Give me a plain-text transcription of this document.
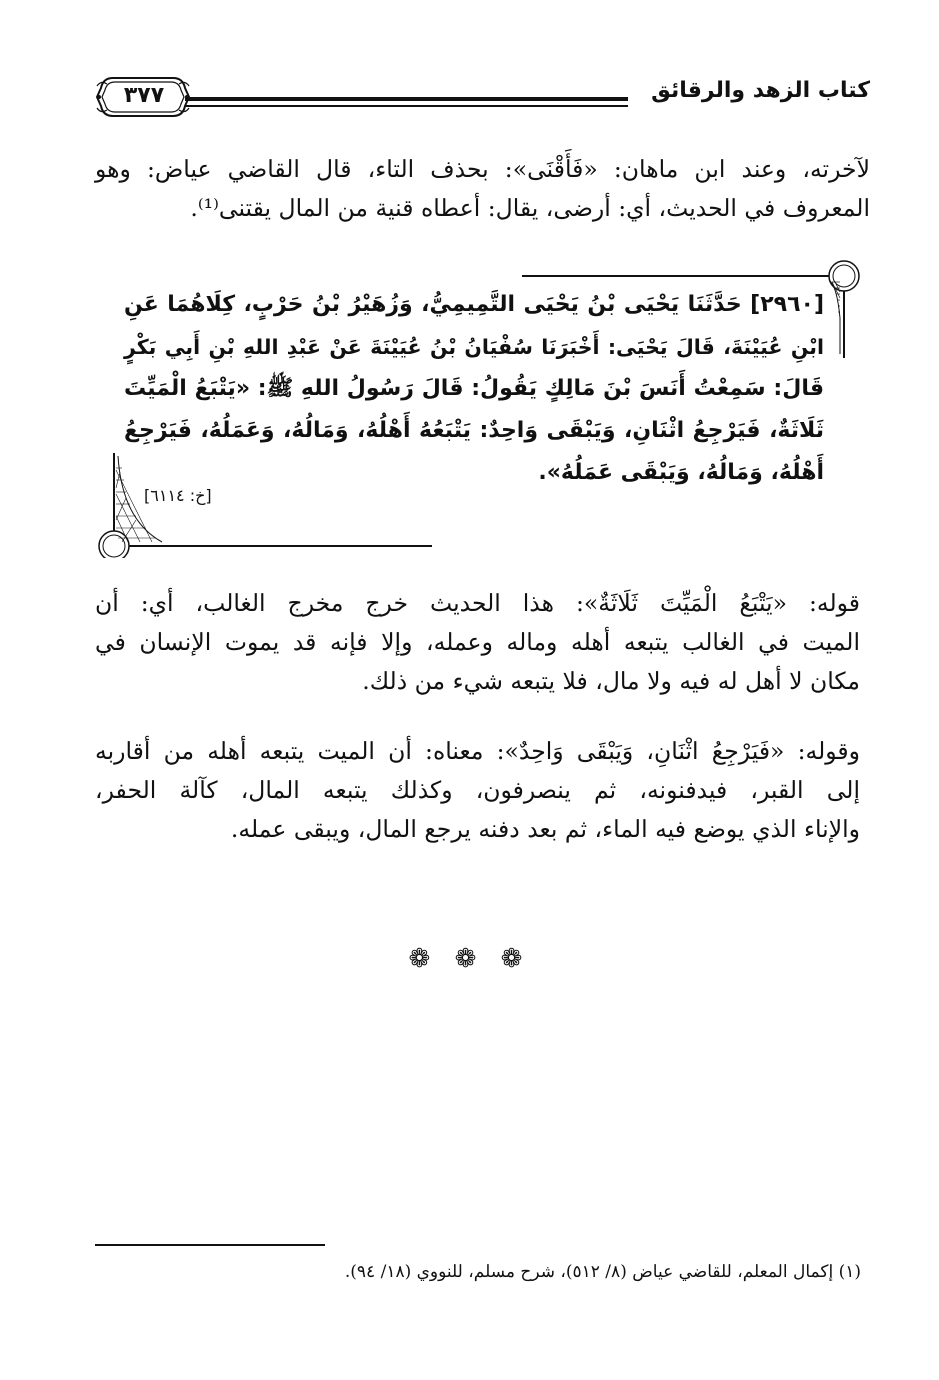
كتاب الزهد والرقائق
٣٧٧
لآخرته، وعند ابن ماهان: «فَأَقْنَى»: بحذف التاء، قال القاضي عياض: وهو
المعروف في الحديث، أي: أرضى، يقال: أعطاه قنية من المال يقتنى⁽¹⁾.
[٢٩٦٠] حَدَّثَنَا يَحْيَى بْنُ يَحْيَى التَّمِيمِيُّ، وَزُهَيْرُ بْنُ حَرْبٍ، كِلَاهُمَا عَنِ
ابْنِ عُيَيْنَةَ، قَالَ يَحْيَى: أَخْبَرَنَا سُفْيَانُ بْنُ عُيَيْنَةَ عَنْ عَبْدِ اللهِ بْنِ أَبِي بَكْرٍ
قَالَ: سَمِعْتُ أَنَسَ بْنَ مَالِكٍ يَقُولُ: قَالَ رَسُولُ اللهِ ﷺ: «يَتْبَعُ الْمَيِّتَ
ثَلَاثَةٌ، فَيَرْجِعُ اثْنَانِ، وَيَبْقَى وَاحِدٌ: يَتْبَعُهُ أَهْلُهُ، وَمَالُهُ، وَعَمَلُهُ، فَيَرْجِعُ
أَهْلُهُ، وَمَالُهُ، وَيَبْقَى عَمَلُهُ».
[خ: ٦١١٤]
قوله: «يَتْبَعُ الْمَيِّتَ ثَلَاثَةٌ»: هذا الحديث خرج مخرج الغالب، أي: أن
الميت في الغالب يتبعه أهله وماله وعمله، وإلا فإنه قد يموت الإنسان في
مكان لا أهل له فيه ولا مال، فلا يتبعه شيء من ذلك.
وقوله: «فَيَرْجِعُ اثْنَانِ، وَيَبْقَى وَاحِدٌ»: معناه: أن الميت يتبعه أهله من أقاربه
إلى القبر، فيدفنونه، ثم ينصرفون، وكذلك يتبعه المال، كآلة الحفر،
والإناء الذي يوضع فيه الماء، ثم بعد دفنه يرجع المال، ويبقى عمله.
❁ ❁ ❁
(١) إكمال المعلم، للقاضي عياض (٨/ ٥١٢)، شرح مسلم، للنووي (١٨/ ٩٤).
